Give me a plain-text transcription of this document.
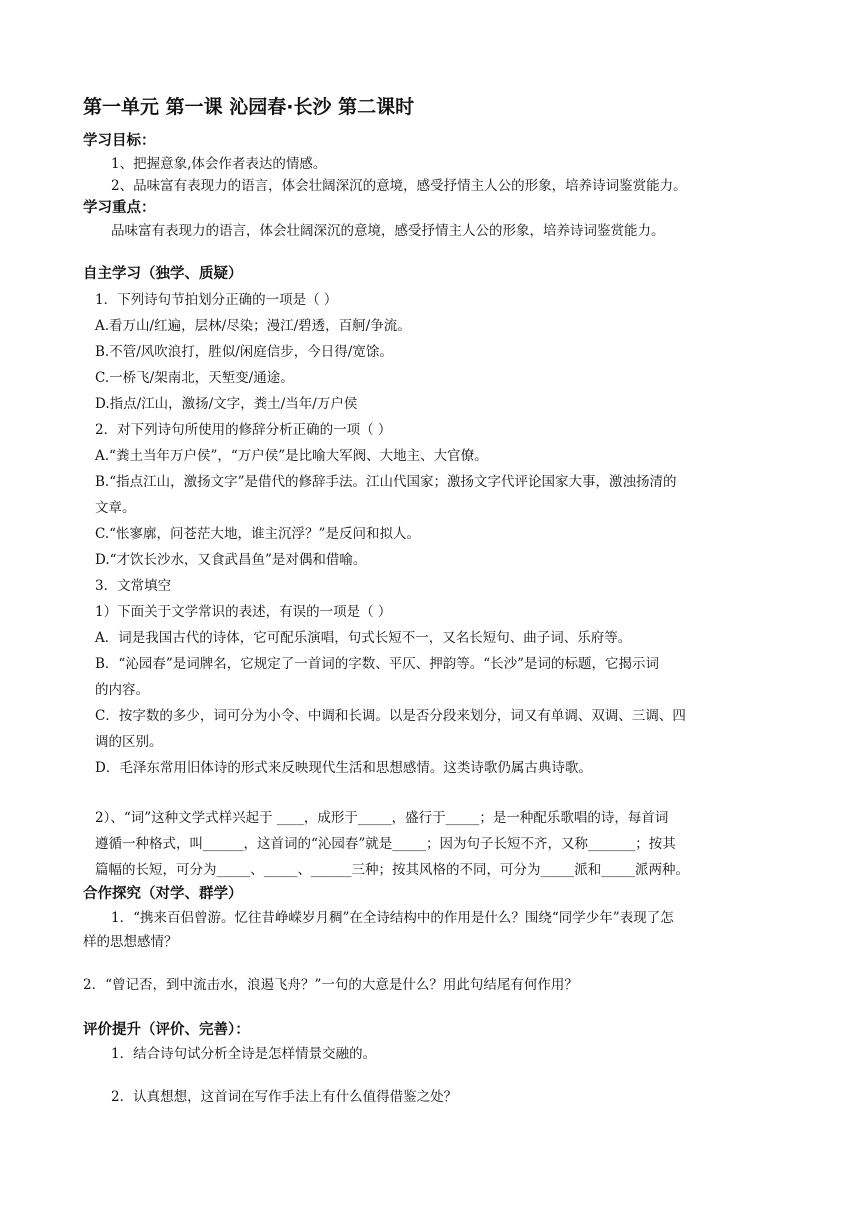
第一单元 第一课 沁园春·长沙 第二课时
学习目标：
1、把握意象,体会作者表达的情感。
2、品味富有表现力的语言，体会壮阔深沉的意境，感受抒情主人公的形象，培养诗词鉴赏能力。
学习重点：
品味富有表现力的语言，体会壮阔深沉的意境，感受抒情主人公的形象，培养诗词鉴赏能力。
自主学习（独学、质疑）
1．下列诗句节拍划分正确的一项是（ ）
A.看万山/红遍，层林/尽染；漫江/碧透，百舸/争流。
B.不管/风吹浪打，胜似/闲庭信步，今日得/宽馀。
C.一桥飞/架南北，天堑变/通途。
D.指点/江山，激扬/文字，粪土/当年/万户侯
2．对下列诗句所使用的修辞分析正确的一项（ ）
A.“粪土当年万户侯”，“万户侯”是比喻大军阀、大地主、大官僚。
B.“指点江山，激扬文字”是借代的修辞手法。江山代国家；激扬文字代评论国家大事，激浊扬清的
文章。
C.“怅寥廓，问苍茫大地，谁主沉浮？”是反问和拟人。
D.“才饮长沙水，又食武昌鱼”是对偶和借喻。
3．文常填空
1）下面关于文学常识的表述，有误的一项是（ ）
A．词是我国古代的诗体，它可配乐演唱，句式长短不一，又名长短句、曲子词、乐府等。
B．“沁园春”是词牌名，它规定了一首词的字数、平仄、押韵等。“长沙”是词的标题，它揭示词
的内容。
C．按字数的多少，词可分为小令、中调和长调。以是否分段来划分，词又有单调、双调、三调、四
调的区别。
D．毛泽东常用旧体诗的形式来反映现代生活和思想感情。这类诗歌仍属古典诗歌。
2）、“词”这种文学式样兴起于 ____，成形于_____，盛行于_____；是一种配乐歌唱的诗，每首词
遵循一种格式，叫______，这首词的“沁园春”就是_____；因为句子长短不齐，又称_______；按其
篇幅的长短，可分为_____、_____、______三种；按其风格的不同，可分为_____派和_____派两种。
合作探究（对学、群学）
1．“携来百侣曾游。忆往昔峥嵘岁月稠”在全诗结构中的作用是什么？围绕“同学少年”表现了怎
样的思想感情？
2．“曾记否，到中流击水，浪遏飞舟？”一句的大意是什么？用此句结尾有何作用？
评价提升（评价、完善）：
1．结合诗句试分析全诗是怎样情景交融的。
2．认真想想，这首词在写作手法上有什么值得借鉴之处？
